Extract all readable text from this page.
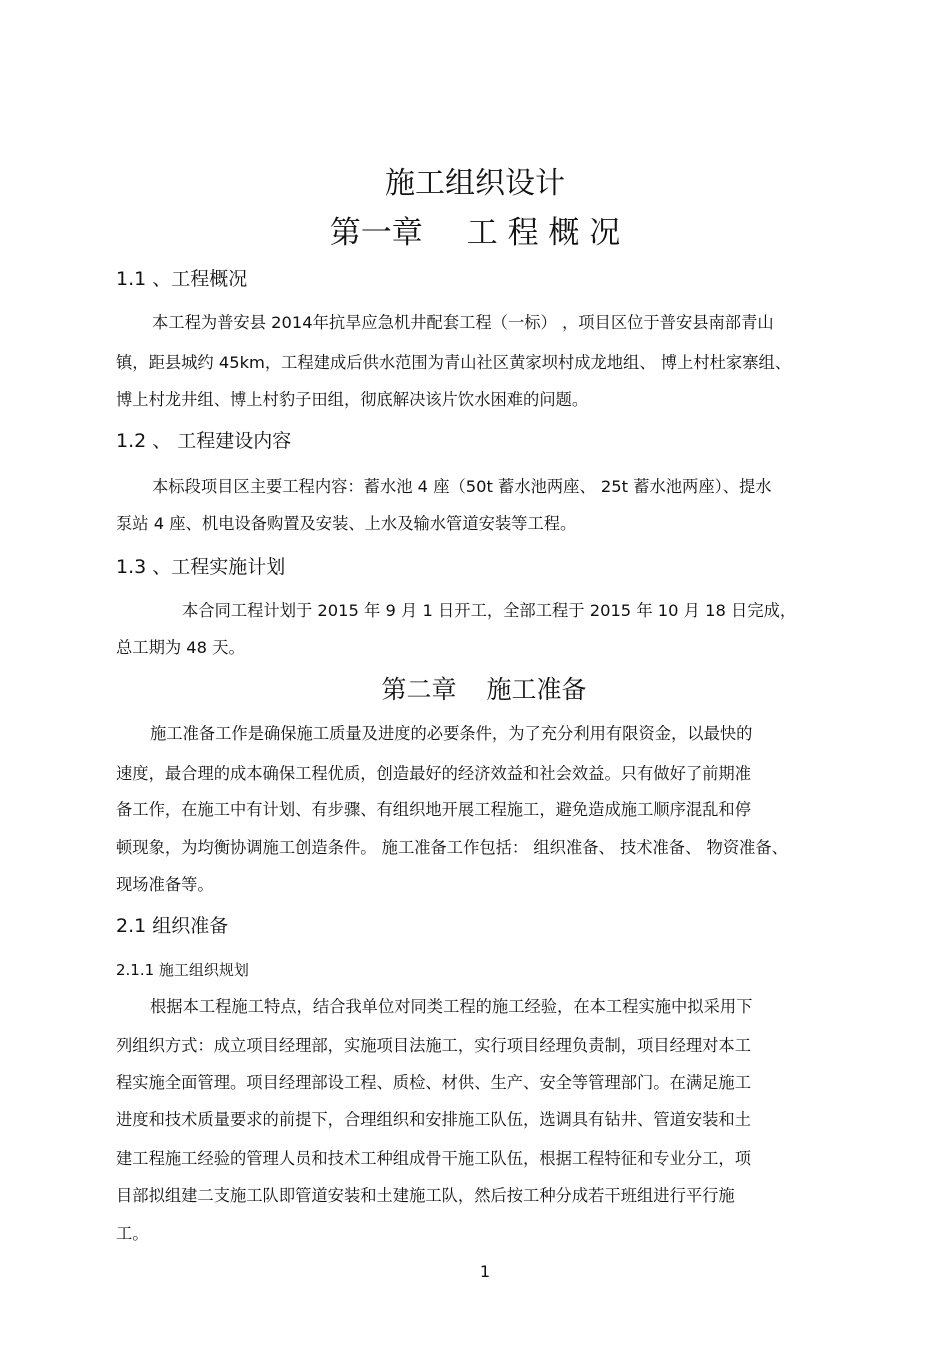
施工组织设计
第一章 工 程 概 况
1.1 、工程概况
本工程为普安县 2014年抗旱应急机井配套工程（一标） ，项目区位于普安县南部青山
镇，距县城约 45km，工程建成后供水范围为青山社区黄家坝村成龙地组、 博上村杜家寨组、
博上村龙井组、博上村豹子田组，彻底解决该片饮水困难的问题。
1.2 、 工程建设内容
本标段项目区主要工程内容：蓄水池 4 座（50t 蓄水池两座、 25t 蓄水池两座）、提水
泵站 4 座、机电设备购置及安装、上水及输水管道安装等工程。
1.3 、工程实施计划
本合同工程计划于 2015 年 9 月 1 日开工，全部工程于 2015 年 10 月 18 日完成，
总工期为 48 天。
第二章 施工准备
施工准备工作是确保施工质量及进度的必要条件，为了充分利用有限资金，以最快的
速度，最合理的成本确保工程优质，创造最好的经济效益和社会效益。只有做好了前期准
备工作，在施工中有计划、有步骤、有组织地开展工程施工，避免造成施工顺序混乱和停
顿现象，为均衡协调施工创造条件。 施工准备工作包括： 组织准备、 技术准备、 物资准备、
现场准备等。
2.1 组织准备
2.1.1 施工组织规划
根据本工程施工特点，结合我单位对同类工程的施工经验，在本工程实施中拟采用下
列组织方式：成立项目经理部，实施项目法施工，实行项目经理负责制，项目经理对本工
程实施全面管理。项目经理部设工程、质检、材供、生产、安全等管理部门。在满足施工
进度和技术质量要求的前提下，合理组织和安排施工队伍，选调具有钻井、管道安装和土
建工程施工经验的管理人员和技术工种组成骨干施工队伍，根据工程特征和专业分工，项
目部拟组建二支施工队即管道安装和土建施工队，然后按工种分成若干班组进行平行施
工。
1
